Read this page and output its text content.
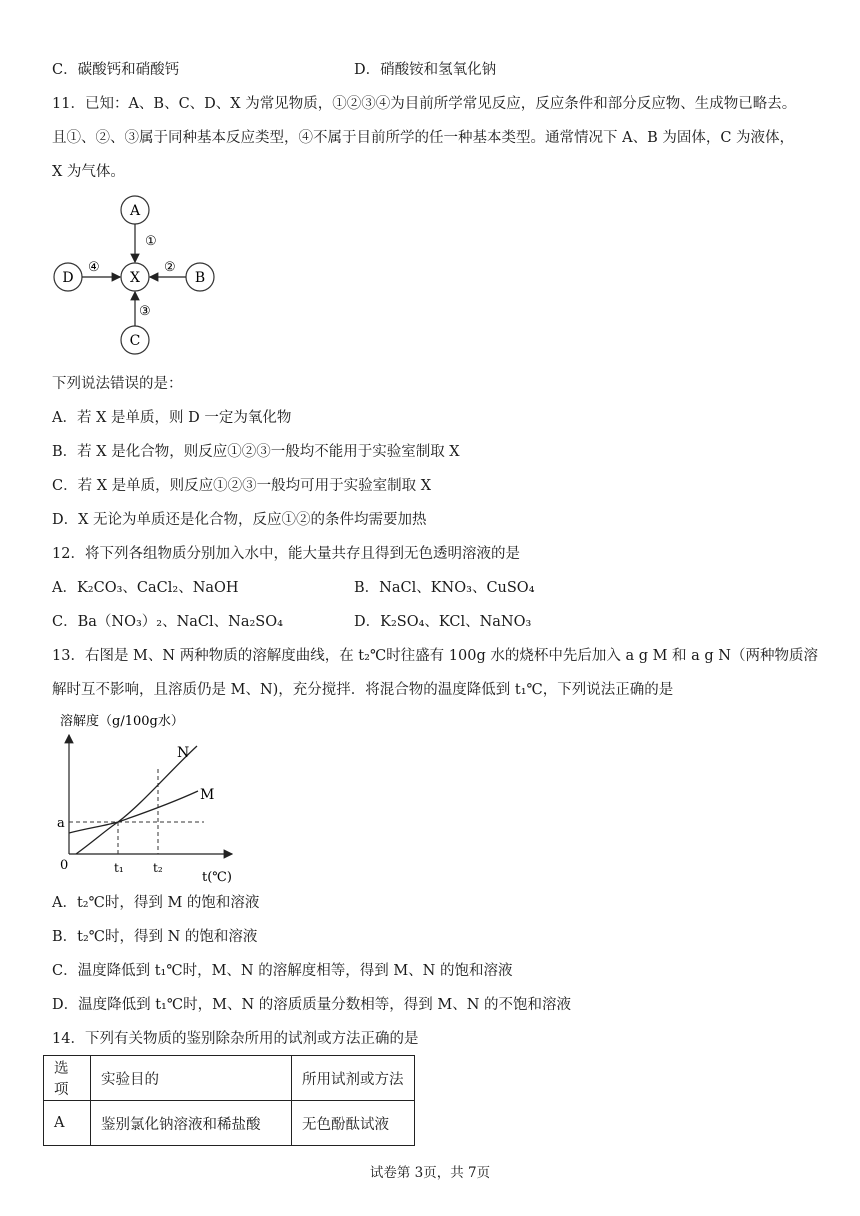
C．碳酸钙和硝酸钙	D．硝酸铵和氢氧化钠
11．已知：A、B、C、D、X 为常见物质，①②③④为目前所学常见反应，反应条件和部分反应物、生成物已略去。
且①、②、③属于同种基本反应类型，④不属于目前所学的任一种基本类型。通常情况下 A、B 为固体，C 为液体，
X 为气体。
A
X	B
D
C
①
②
③
④
下列说法错误的是：
A．若 X 是单质，则 D 一定为氧化物
B．若 X 是化合物，则反应①②③一般均不能用于实验室制取 X
C．若 X 是单质，则反应①②③一般均可用于实验室制取 X
D．X 无论为单质还是化合物，反应①②的条件均需要加热
12．将下列各组物质分别加入水中，能大量共存且得到无色透明溶液的是
A．K₂CO₃、CaCl₂、NaOH	B．NaCl、KNO₃、CuSO₄
C．Ba（NO₃）₂、NaCl、Na₂SO₄	D．K₂SO₄、KCl、NaNO₃
13．右图是 M、N 两种物质的溶解度曲线，在 t₂℃时往盛有 100g 水的烧杯中先后加入 a g M 和 a g N（两种物质溶
解时互不影响，且溶质仍是 M、N)，充分搅拌．将混合物的温度降低到 t₁℃，下列说法正确的是
溶解度（g/100g水）
N
M
a
0	t₁ t₂
t(℃)
A．t₂℃时，得到 M 的饱和溶液
B．t₂℃时，得到 N 的饱和溶液
C．温度降低到 t₁℃时，M、N 的溶解度相等，得到 M、N 的饱和溶液
D．温度降低到 t₁℃时，M、N 的溶质质量分数相等，得到 M、N 的不饱和溶液
14．下列有关物质的鉴别除杂所用的试剂或方法正确的是
选项	实验目的	所用试剂或方法
A	鉴别氯化钠溶液和稀盐酸	无色酚酞试液
试卷第 3页，共 7页
